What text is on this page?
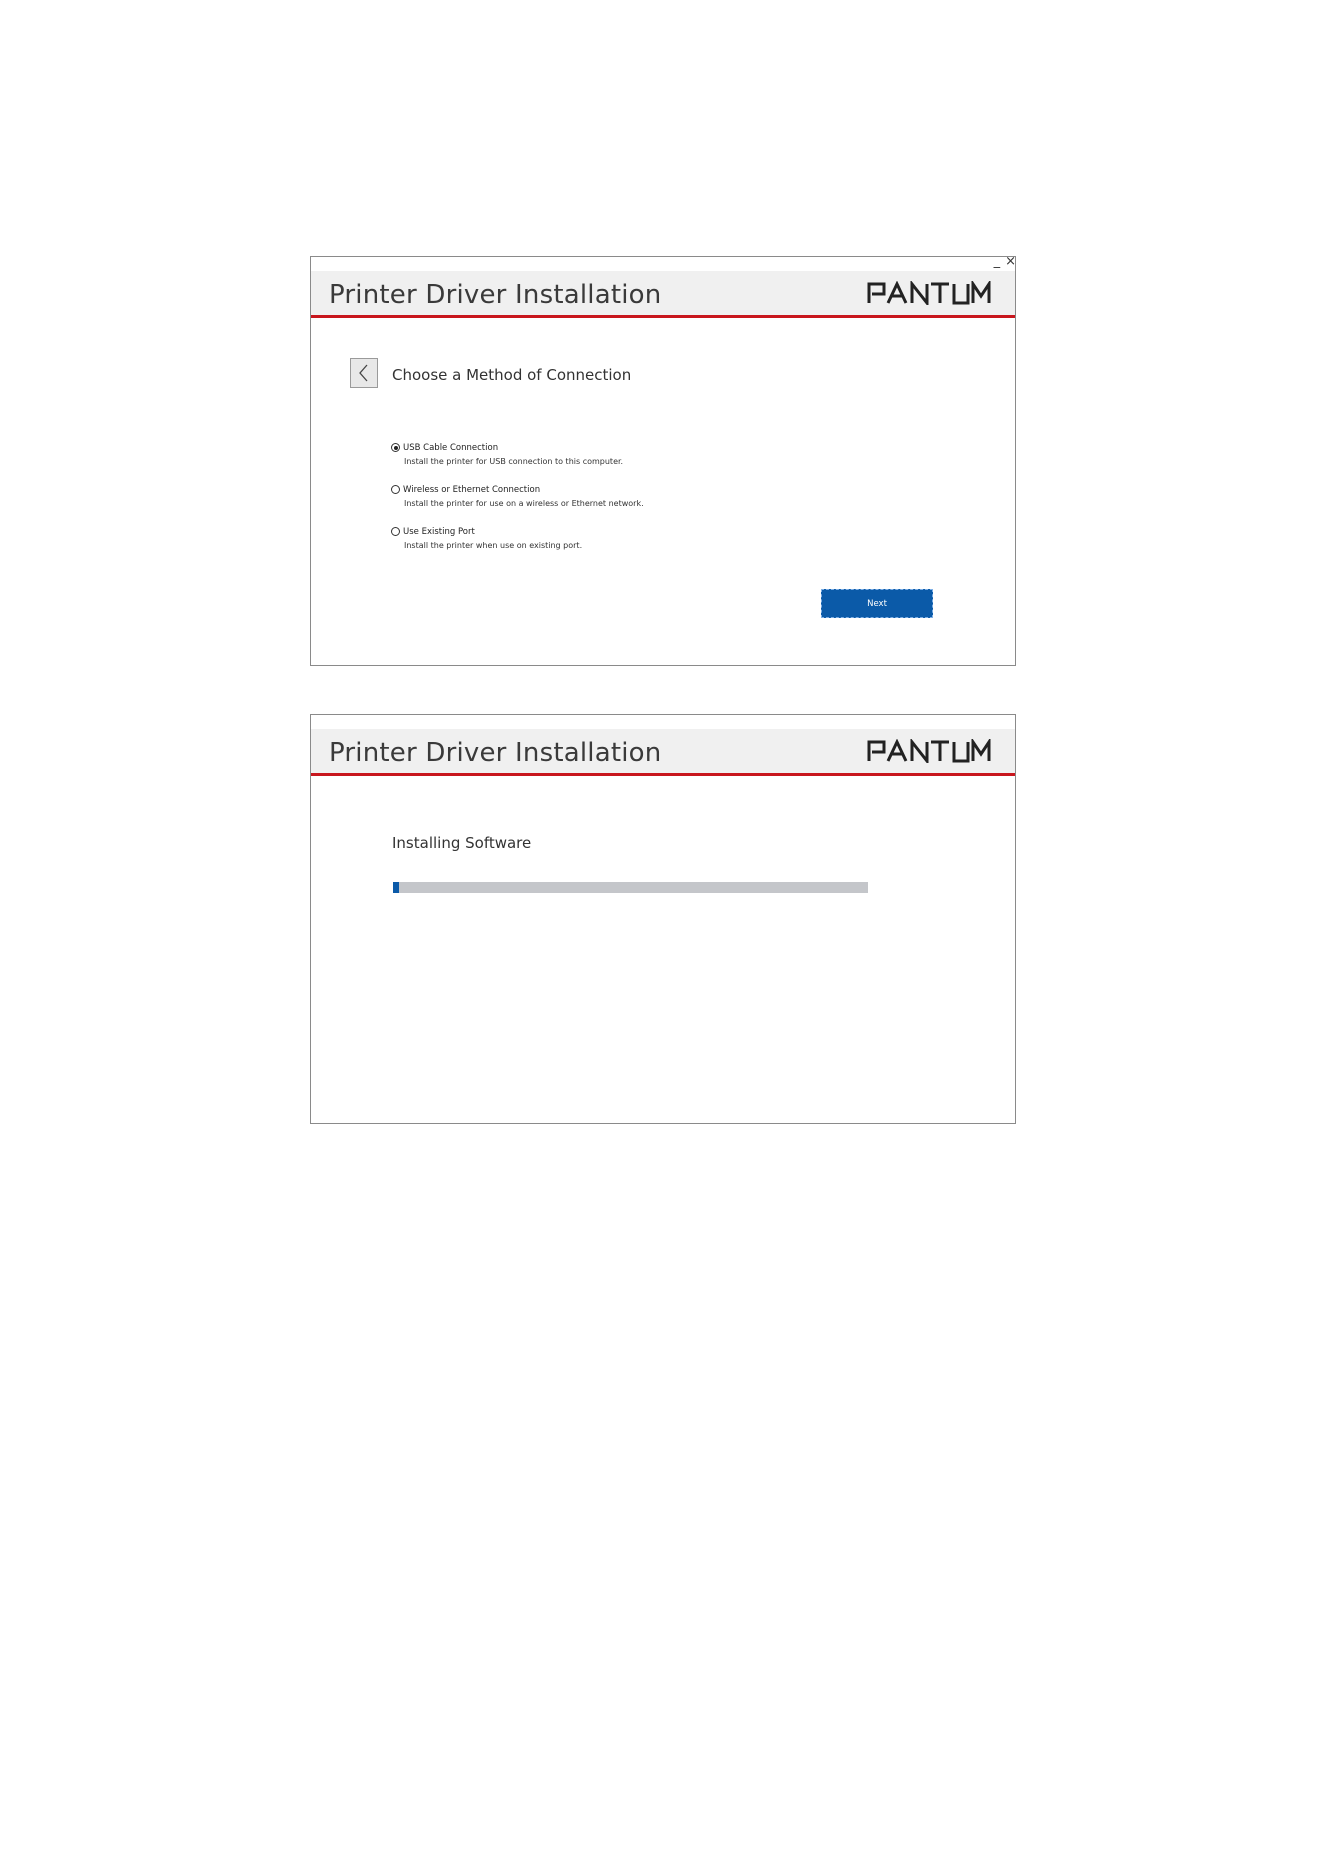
_ ×
Printer Driver Installation
Choose a Method of Connection
USB Cable Connection
Install the printer for USB connection to this computer.
Wireless or Ethernet Connection
Install the printer for use on a wireless or Ethernet network.
Use Existing Port
Install the printer when use on existing port.
Next
Printer Driver Installation
Installing Software
